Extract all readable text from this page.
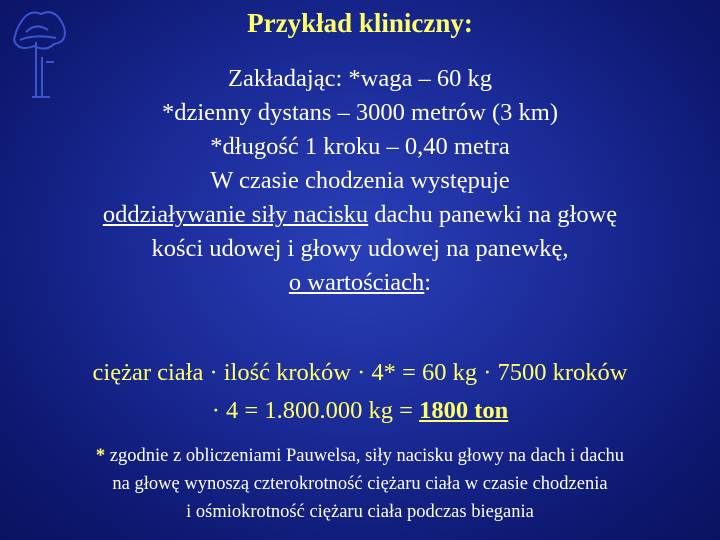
Przykład kliniczny:
Zakładając: *waga – 60 kg
*dzienny dystans – 3000 metrów (3 km)
*długość 1 kroku – 0,40 metra
W czasie chodzenia występuje
oddziaływanie siły nacisku dachu panewki na głowę
kości udowej i głowy udowej na panewkę,
o wartościach:
ciężar ciała · ilość kroków · 4* = 60 kg · 7500 kroków
· 4 = 1.800.000 kg = 1800 ton
* zgodnie z obliczeniami Pauwelsa, siły nacisku głowy na dach i dachu
na głowę wynoszą czterokrotność ciężaru ciała w czasie chodzenia
i ośmiokrotność ciężaru ciała podczas biegania
